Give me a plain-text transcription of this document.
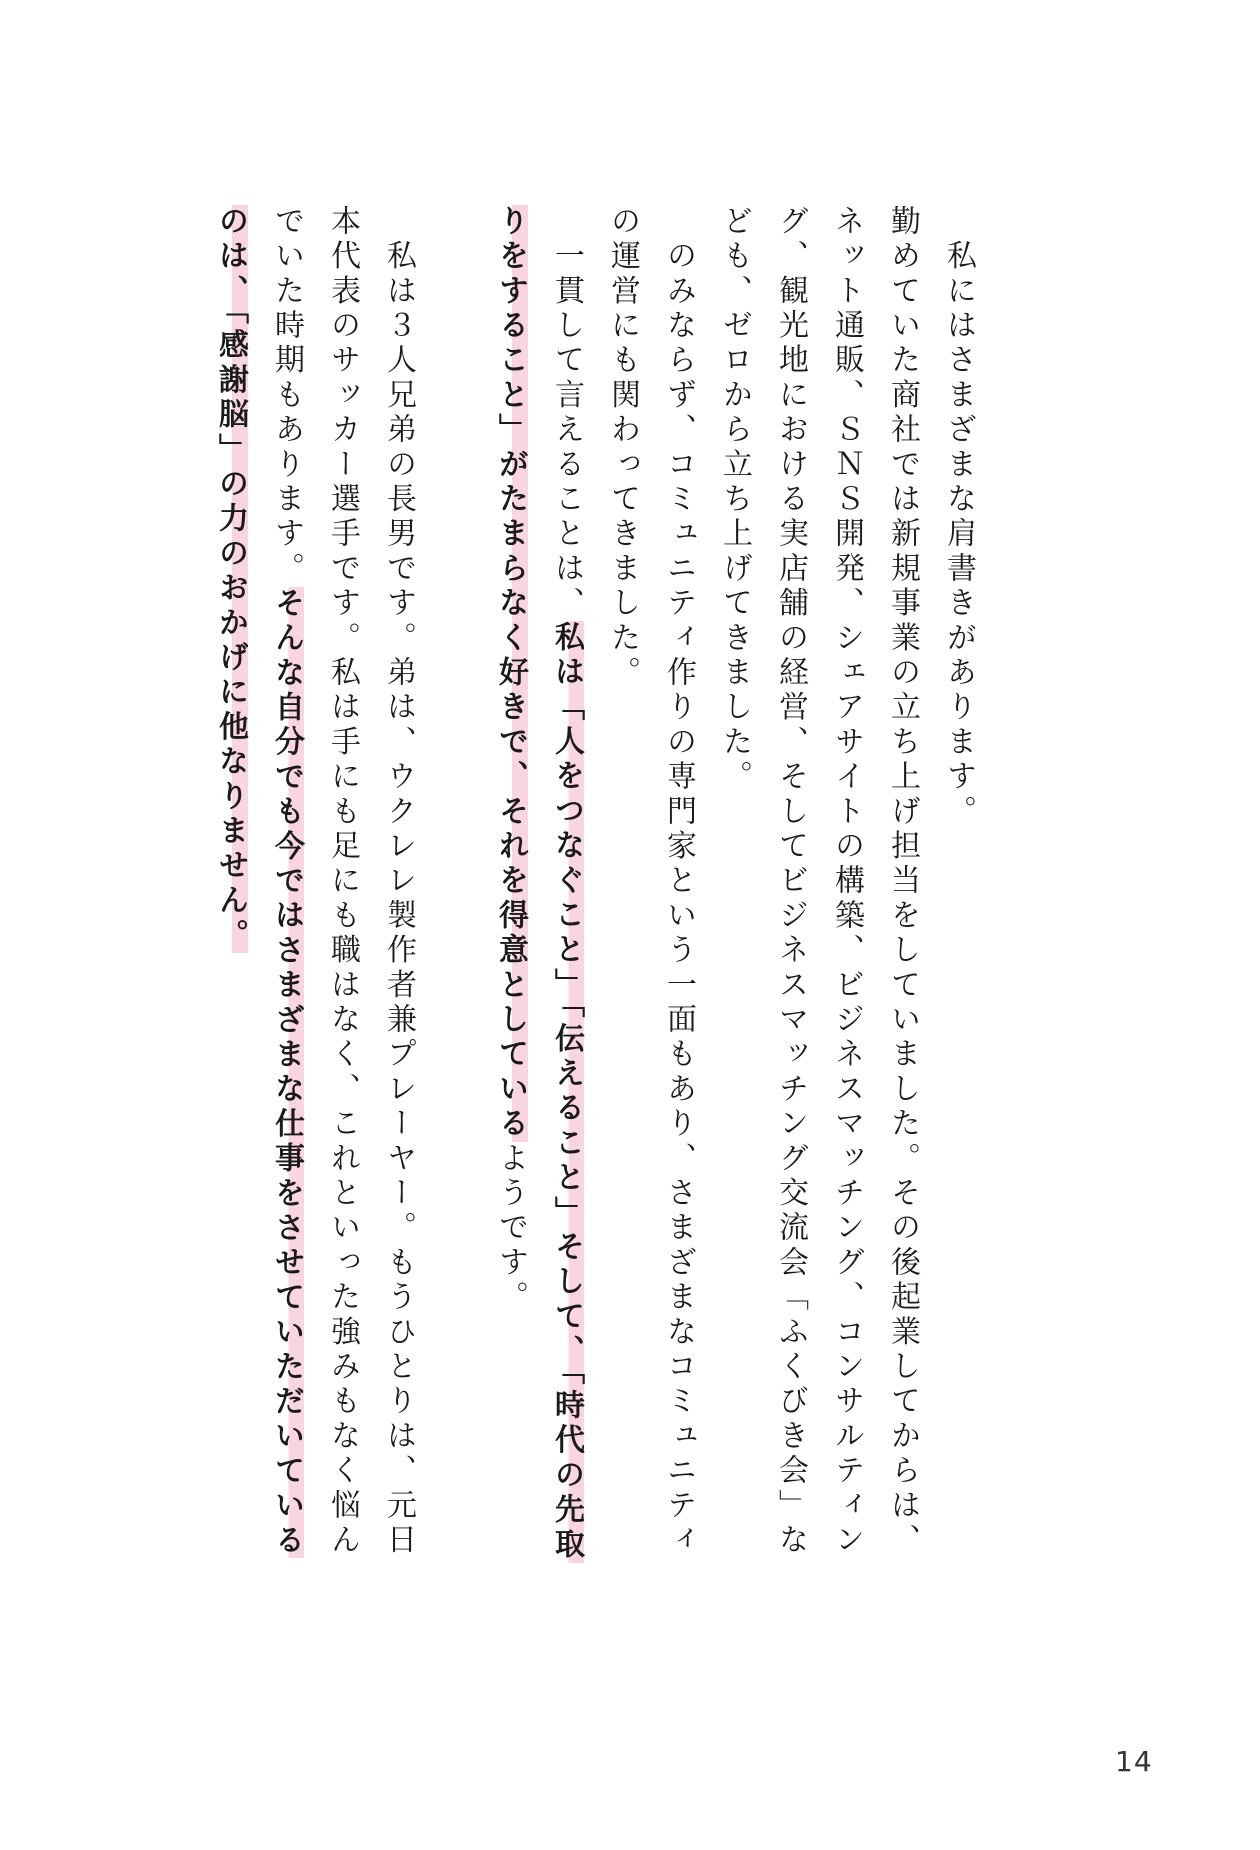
　私にはさまざまな肩書きがあります。
勤めていた商社では新規事業の立ち上げ担当をしていました。その後起業してからは、
ネット通販、ＳＮＳ開発、シェアサイトの構築、ビジネスマッチング、コンサルティン
グ、観光地における実店舗の経営、そしてビジネスマッチング交流会「ふくびき会」な
ども、ゼロから立ち上げてきました。
　のみならず、コミュニティ作りの専門家という一面もあり、さまざまなコミュニティ
の運営にも関わってきました。
　一貫して言えることは、私は「人をつなぐこと」「伝えること」そして、「時代の先取
りをすること」がたまらなく好きで、それを得意としているようです。
　私は３人兄弟の長男です。弟は、ウクレレ製作者兼プレーヤー。もうひとりは、元日
本代表のサッカー選手です。私は手にも足にも職はなく、これといった強みもなく悩ん
でいた時期もあります。そんな自分でも今ではさまざまな仕事をさせていただいている
のは、「感謝脳」の力のおかげに他なりません。
14
